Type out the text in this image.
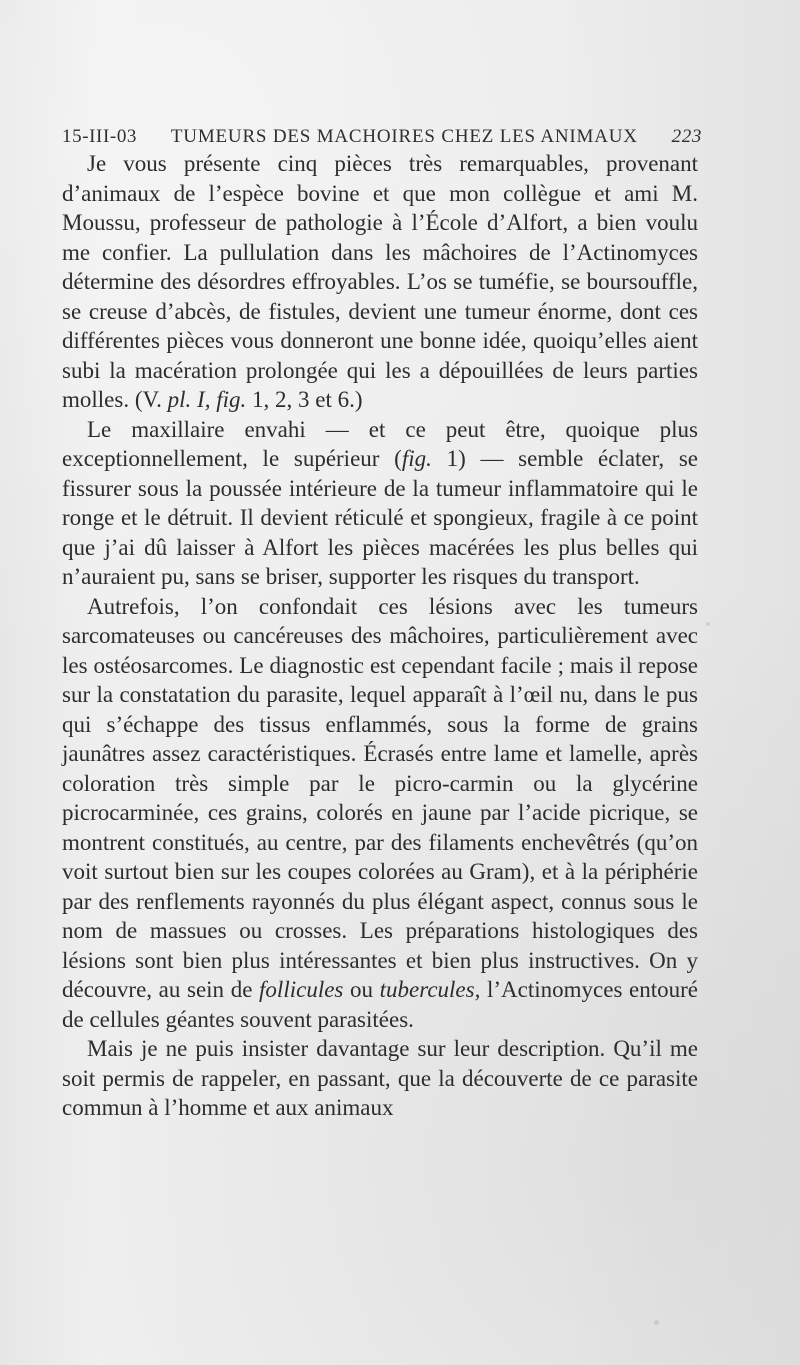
15-III-03 TUMEURS DES MACHOIRES CHEZ LES ANIMAUX 223

Je vous présente cinq pièces très remarquables, provenant d’animaux de l’espèce bovine et que mon collègue et ami M. Moussu, professeur de pathologie à l’École d’Alfort, a bien voulu me confier. La pullulation dans les mâchoires de l’Actinomyces détermine des désordres effroyables. L’os se tuméfie, se boursouffle, se creuse d’abcès, de fistules, devient une tumeur énorme, dont ces différentes pièces vous donneront une bonne idée, quoiqu’elles aient subi la macération prolongée qui les a dépouillées de leurs parties molles. (V. pl. I, fig. 1, 2, 3 et 6.)

Le maxillaire envahi — et ce peut être, quoique plus exceptionnellement, le supérieur (fig. 1) — semble éclater, se fissurer sous la poussée intérieure de la tumeur inflammatoire qui le ronge et le détruit. Il devient réticulé et spongieux, fragile à ce point que j’ai dû laisser à Alfort les pièces macérées les plus belles qui n’auraient pu, sans se briser, supporter les risques du transport.

Autrefois, l’on confondait ces lésions avec les tumeurs sarcomateuses ou cancéreuses des mâchoires, particulièrement avec les ostéosarcomes. Le diagnostic est cependant facile ; mais il repose sur la constatation du parasite, lequel apparaît à l’œil nu, dans le pus qui s’échappe des tissus enflammés, sous la forme de grains jaunâtres assez caractéristiques. Écrasés entre lame et lamelle, après coloration très simple par le picro-carmin ou la glycérine picrocarminée, ces grains, colorés en jaune par l’acide picrique, se montrent constitués, au centre, par des filaments enchevêtrés (qu’on voit surtout bien sur les coupes colorées au Gram), et à la périphérie par des renflements rayonnés du plus élégant aspect, connus sous le nom de massues ou crosses. Les préparations histologiques des lésions sont bien plus intéressantes et bien plus instructives. On y découvre, au sein de follicules ou tubercules, l’Actinomyces entouré de cellules géantes souvent parasitées.

Mais je ne puis insister davantage sur leur description. Qu’il me soit permis de rappeler, en passant, que la découverte de ce parasite commun à l’homme et aux animaux
